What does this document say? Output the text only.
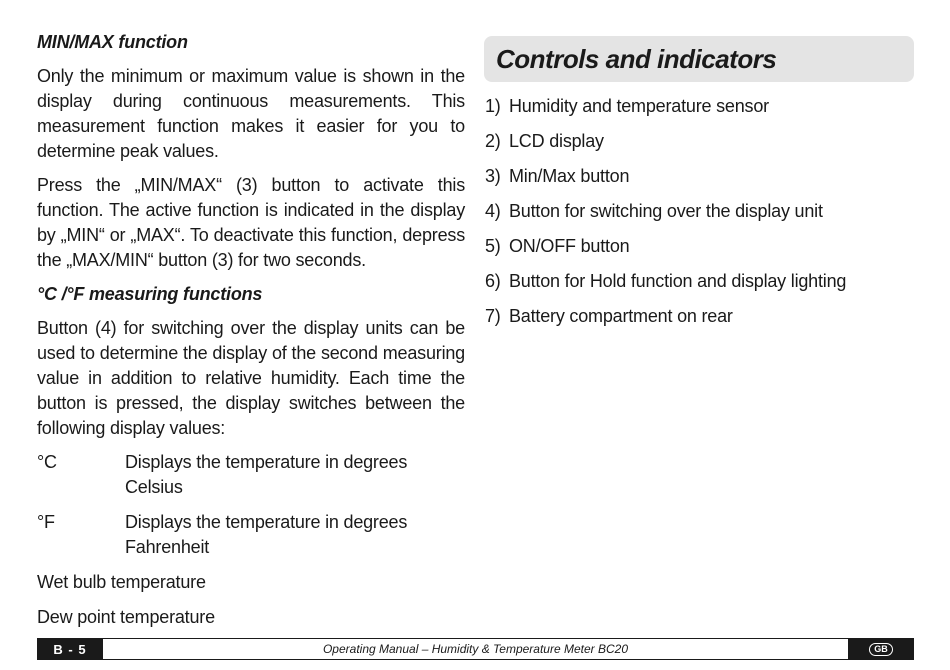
MIN/MAX function
Only the minimum or maximum value is shown in the display during continuous measurements. This measurement function makes it easier for you to determine peak values.
Press the „MIN/MAX“ (3) button to activate this function. The active function is indicated in the display by „MIN“ or „MAX“. To deactivate this function, depress the „MAX/MIN“ button (3) for two seconds.
°C /°F measuring functions
Button (4) for switching over the display units can be used to determine the display of the second measuring value in addition to relative humidity. Each time the button is pressed, the display switches between the following display values:
°C	Displays the temperature in degrees Celsius
°F	Displays the temperature in degrees Fahrenheit
Wet bulb temperature
Dew point temperature
Controls and indicators
1) Humidity and temperature sensor
2) LCD display
3) Min/Max button
4) Button for switching over the display unit
5) ON/OFF button
6) Button for Hold function and display lighting
7) Battery compartment on rear
B - 5	Operating Manual – Humidity & Temperature Meter BC20	GB
